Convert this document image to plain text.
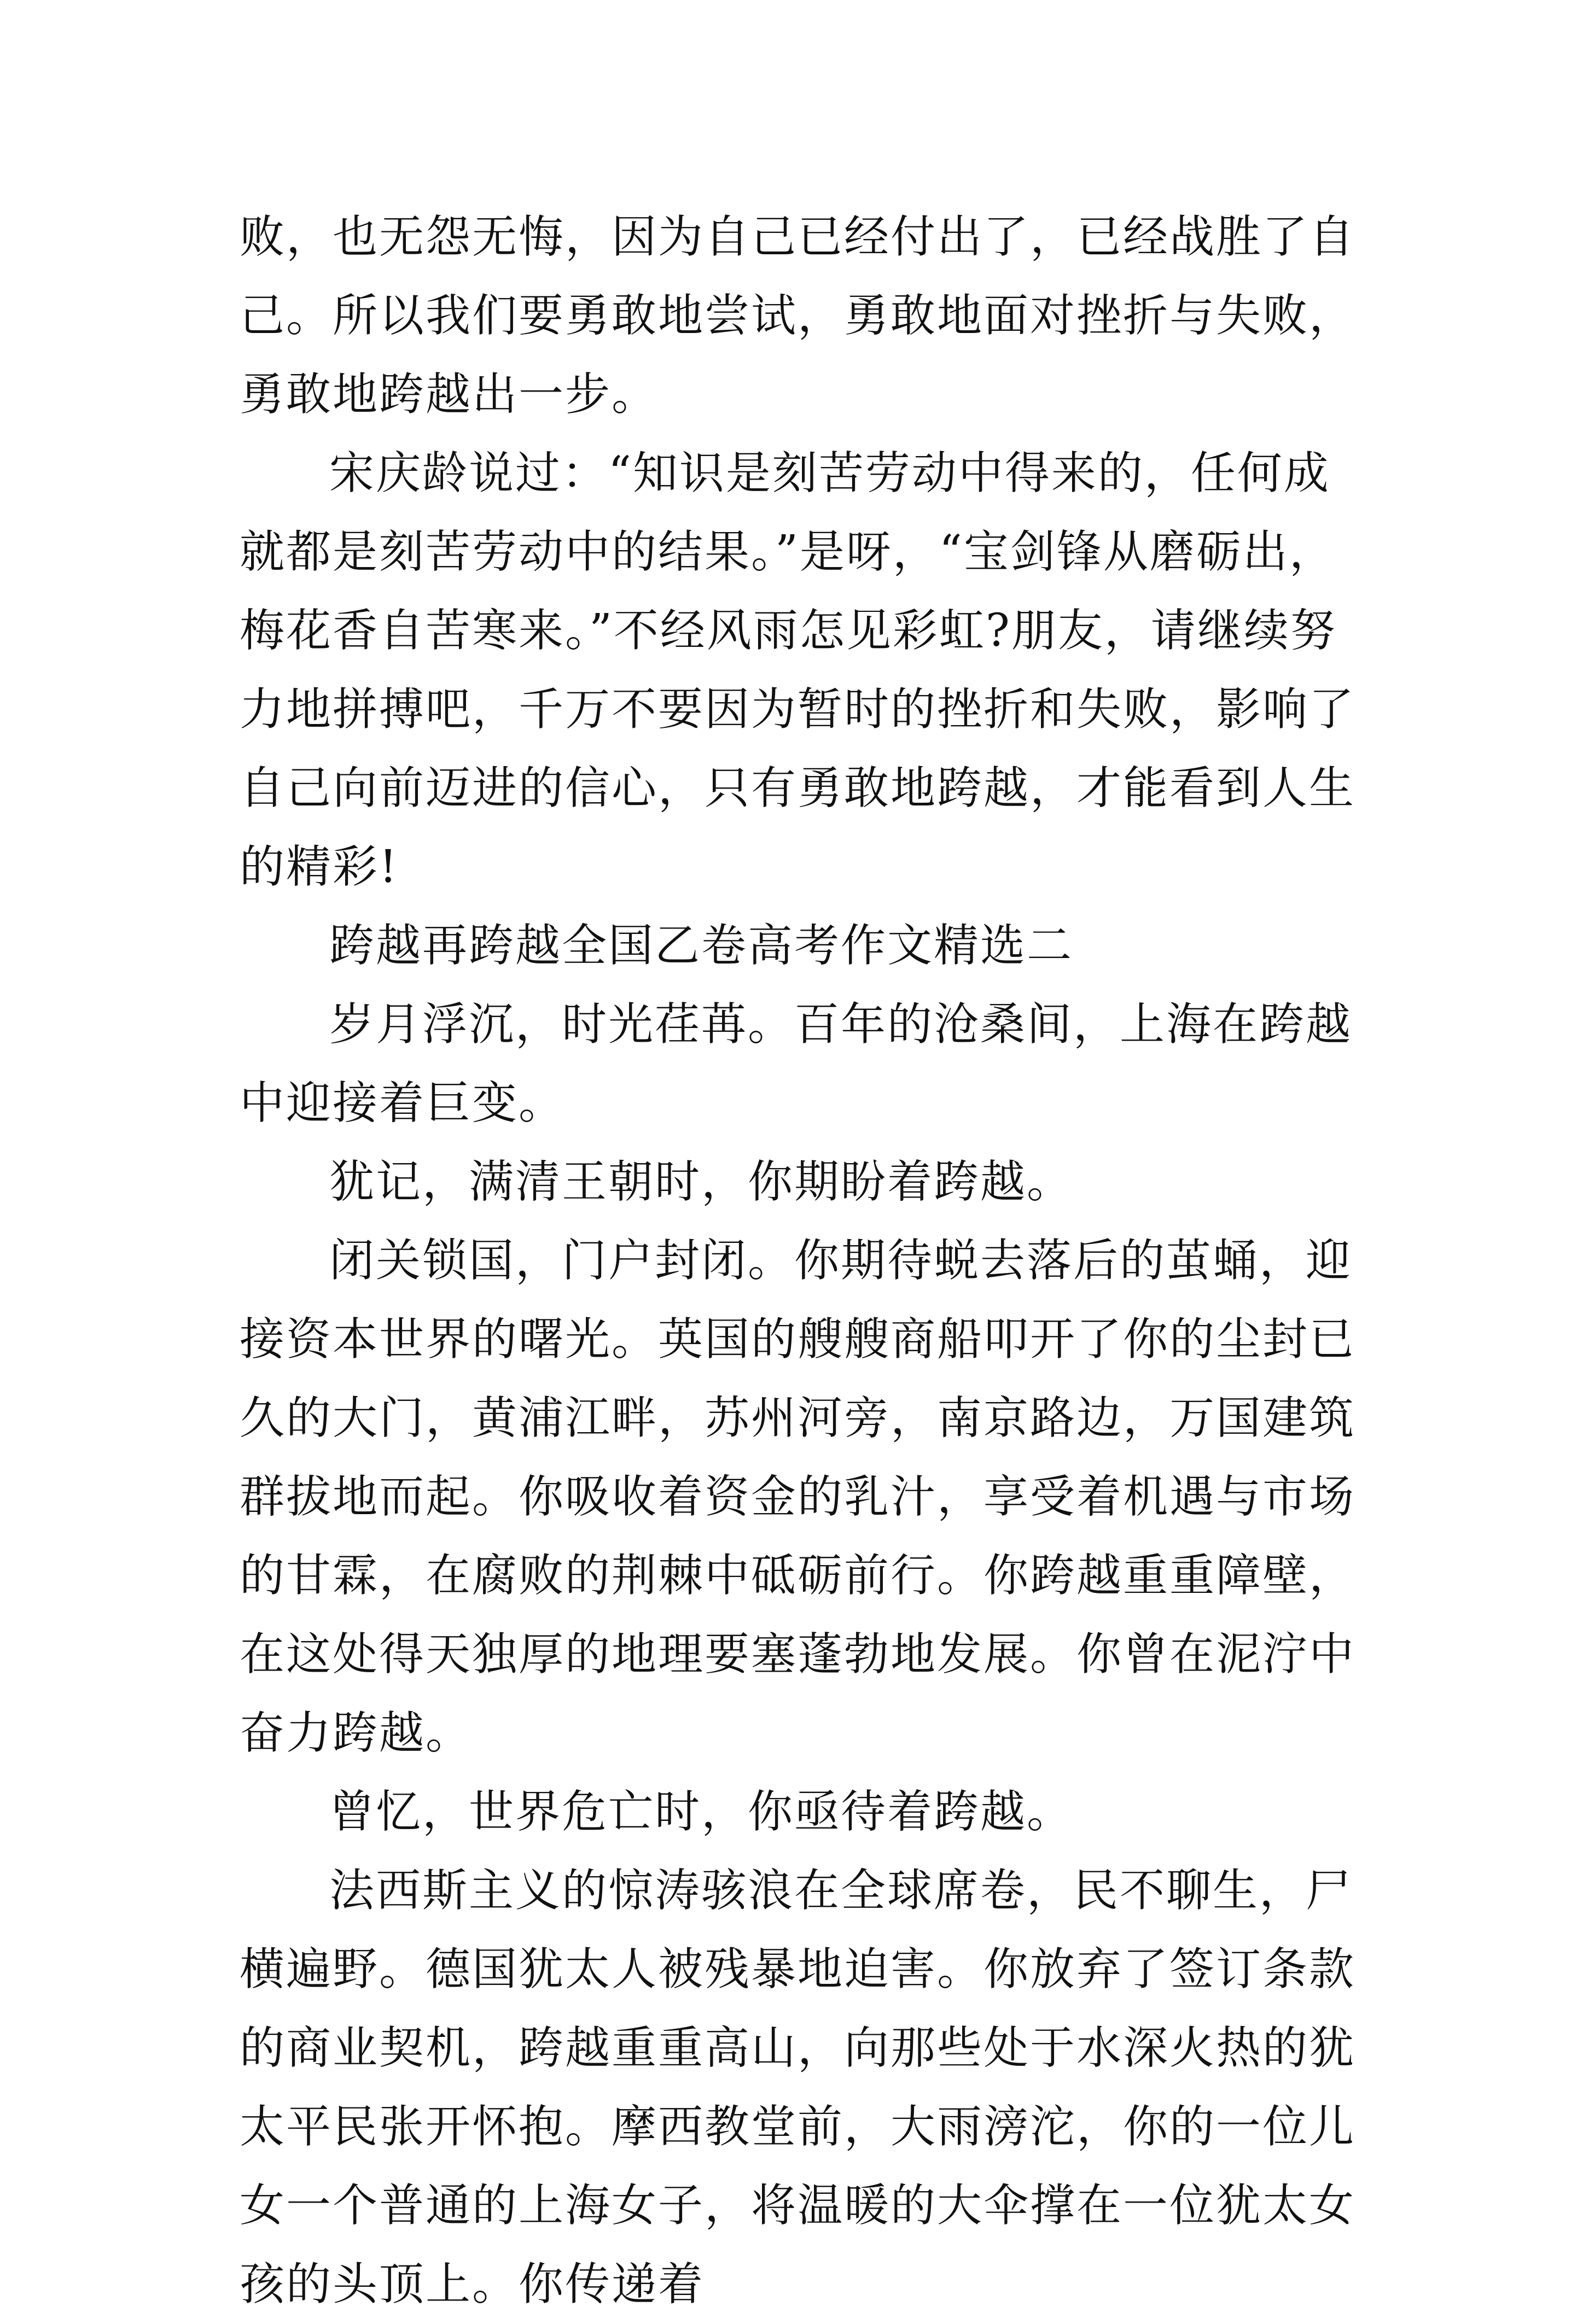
败，也无怨无悔，因为自己已经付出了，已经战胜了自己。所以我们要勇敢地尝试，勇敢地面对挫折与失败，勇敢地跨越出一步。

宋庆龄说过：“知识是刻苦劳动中得来的，任何成就都是刻苦劳动中的结果。”是呀，“宝剑锋从磨砺出，梅花香自苦寒来。”不经风雨怎见彩虹?朋友，请继续努力地拼搏吧，千万不要因为暂时的挫折和失败，影响了自己向前迈进的信心，只有勇敢地跨越，才能看到人生的精彩!

跨越再跨越全国乙卷高考作文精选二

岁月浮沉，时光荏苒。百年的沧桑间，上海在跨越中迎接着巨变。

犹记，满清王朝时，你期盼着跨越。

闭关锁国，门户封闭。你期待蜕去落后的茧蛹，迎接资本世界的曙光。英国的艘艘商船叩开了你的尘封已久的大门，黄浦江畔，苏州河旁，南京路边，万国建筑群拔地而起。你吸收着资金的乳汁，享受着机遇与市场的甘霖，在腐败的荆棘中砥砺前行。你跨越重重障壁，在这处得天独厚的地理要塞蓬勃地发展。你曾在泥泞中奋力跨越。

曾忆，世界危亡时，你亟待着跨越。

法西斯主义的惊涛骇浪在全球席卷，民不聊生，尸横遍野。德国犹太人被残暴地迫害。你放弃了签订条款的商业契机，跨越重重高山，向那些处于水深火热的犹太平民张开怀抱。摩西教堂前，大雨滂沱，你的一位儿女一个普通的上海女子，将温暖的大伞撑在一位犹太女孩的头顶上。你传递着
